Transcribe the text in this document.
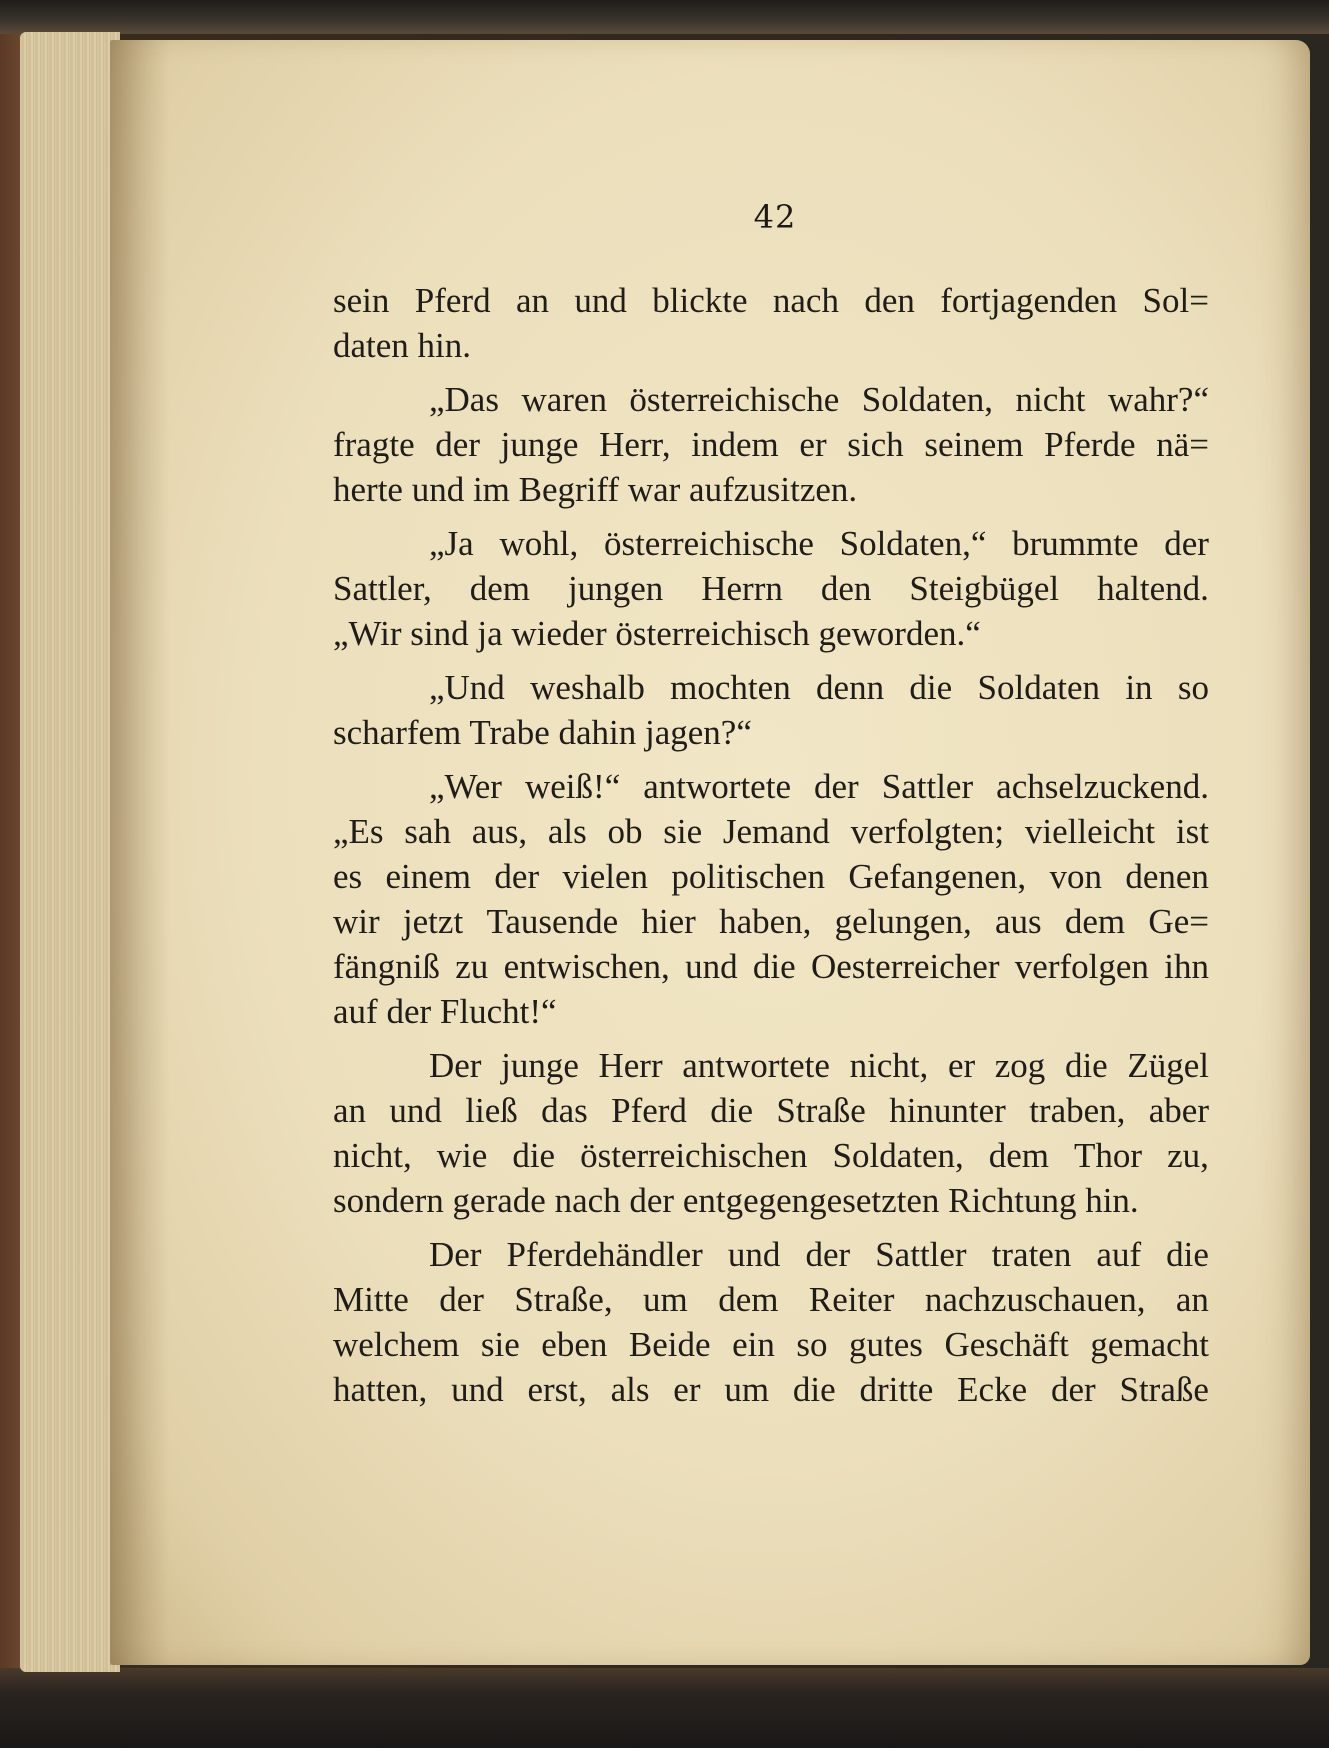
42
sein Pferd an und blickte nach den fortjagenden Sol=
daten hin.
„Das waren österreichische Soldaten, nicht wahr?“
fragte der junge Herr, indem er sich seinem Pferde nä=
herte und im Begriff war aufzusitzen.
„Ja wohl, österreichische Soldaten,“ brummte der
Sattler, dem jungen Herrn den Steigbügel haltend.
„Wir sind ja wieder österreichisch geworden.“
„Und weshalb mochten denn die Soldaten in so
scharfem Trabe dahin jagen?“
„Wer weiß!“ antwortete der Sattler achselzuckend.
„Es sah aus, als ob sie Jemand verfolgten; vielleicht ist
es einem der vielen politischen Gefangenen, von denen
wir jetzt Tausende hier haben, gelungen, aus dem Ge=
fängniß zu entwischen, und die Oesterreicher verfolgen ihn
auf der Flucht!“
Der junge Herr antwortete nicht, er zog die Zügel
an und ließ das Pferd die Straße hinunter traben, aber
nicht, wie die österreichischen Soldaten, dem Thor zu,
sondern gerade nach der entgegengesetzten Richtung hin.
Der Pferdehändler und der Sattler traten auf die
Mitte der Straße, um dem Reiter nachzuschauen, an
welchem sie eben Beide ein so gutes Geschäft gemacht
hatten, und erst, als er um die dritte Ecke der Straße
